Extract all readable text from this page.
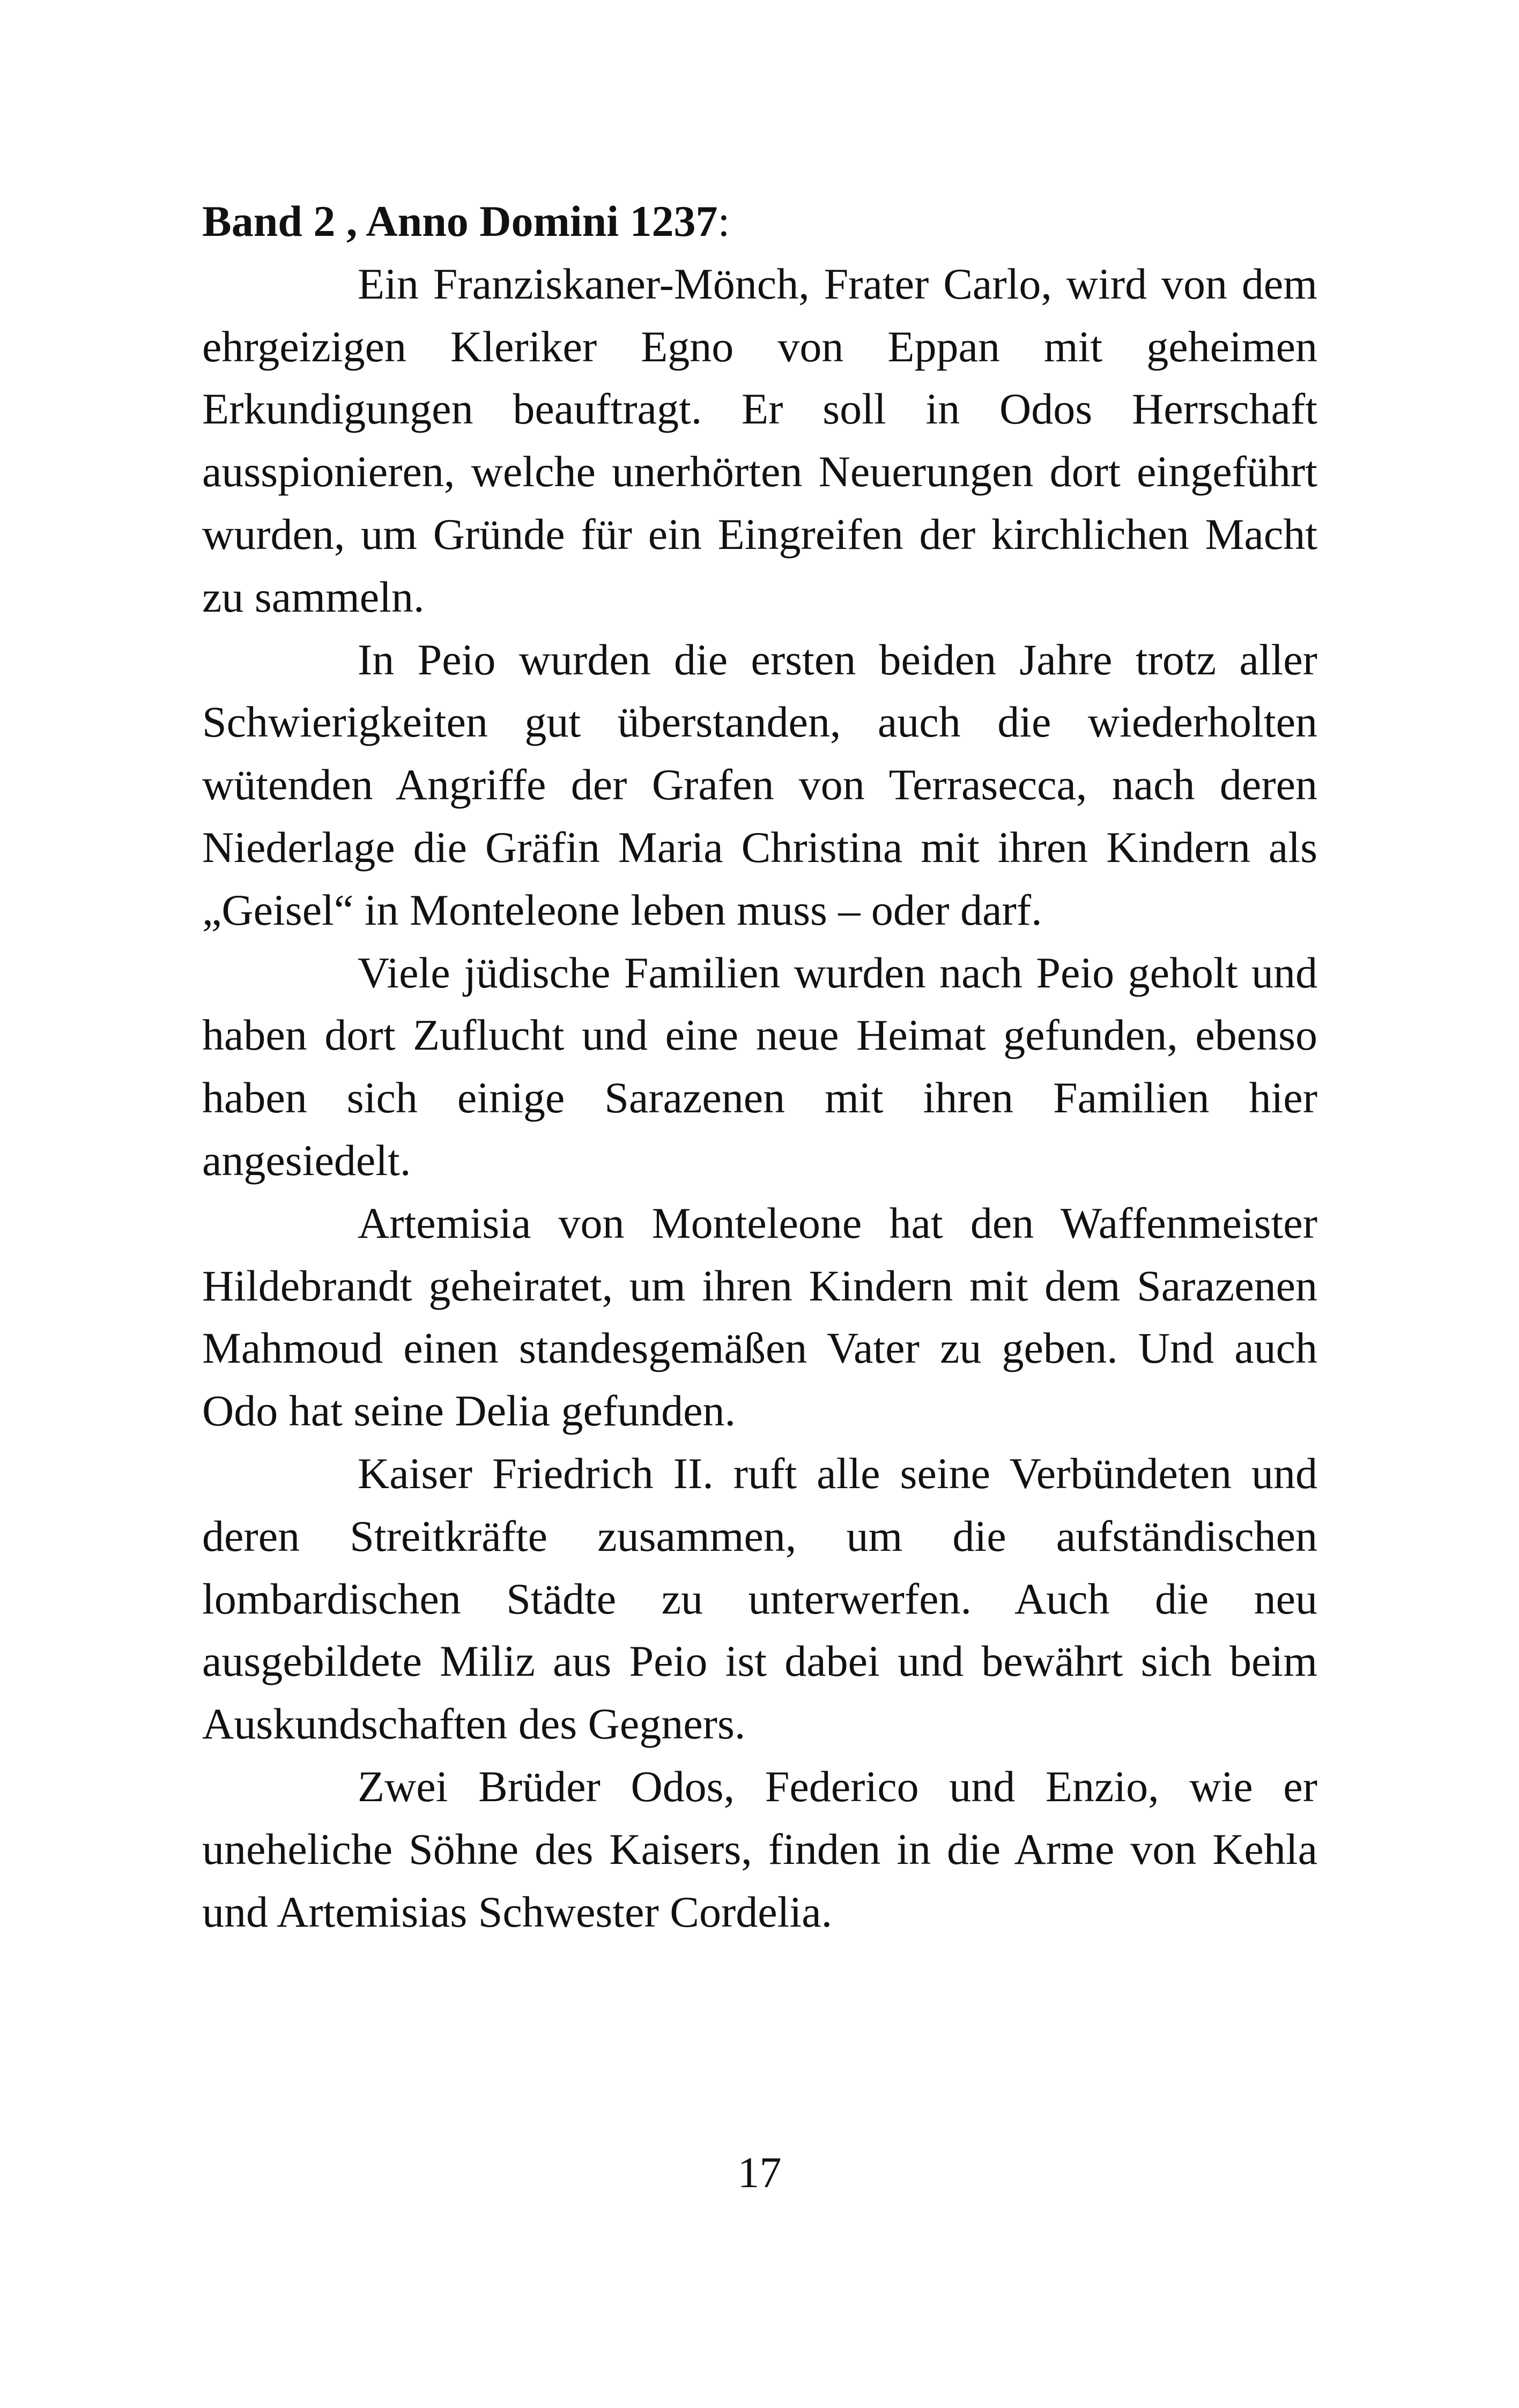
Band 2 , Anno Domini 1237:

Ein Franziskaner-Mönch, Frater Carlo, wird von dem ehrgeizigen Kleriker Egno von Eppan mit geheimen Erkundigungen beauftragt. Er soll in Odos Herrschaft ausspionieren, welche unerhörten Neuerungen dort eingeführt wurden, um Gründe für ein Eingreifen der kirchlichen Macht zu sammeln.

In Peio wurden die ersten beiden Jahre trotz aller Schwierigkeiten gut überstanden, auch die wiederholten wütenden Angriffe der Grafen von Terrasecca, nach deren Niederlage die Gräfin Maria Christina mit ihren Kindern als „Geisel“ in Monteleone leben muss – oder darf.

Viele jüdische Familien wurden nach Peio geholt und haben dort Zuflucht und eine neue Heimat gefunden, ebenso haben sich einige Sarazenen mit ihren Familien hier angesiedelt.

Artemisia von Monteleone hat den Waffenmeister Hildebrandt geheiratet, um ihren Kindern mit dem Sarazenen Mahmoud einen standesgemäßen Vater zu geben. Und auch Odo hat seine Delia gefunden.

Kaiser Friedrich II. ruft alle seine Verbündeten und deren Streitkräfte zusammen, um die aufständischen lombardischen Städte zu unterwerfen. Auch die neu ausgebildete Miliz aus Peio ist dabei und bewährt sich beim Auskundschaften des Gegners.

Zwei Brüder Odos, Federico und Enzio, wie er uneheliche Söhne des Kaisers, finden in die Arme von Kehla und Artemisias Schwester Cordelia.

17
